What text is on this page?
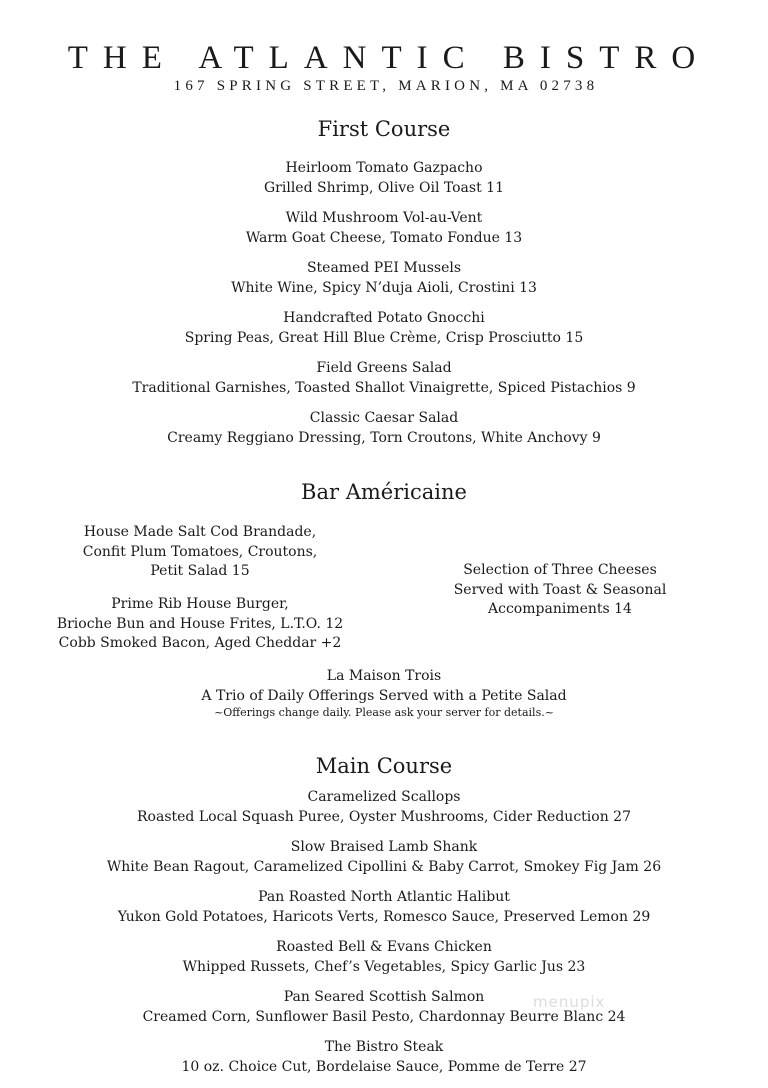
THE ATLANTIC BISTRO
167 SPRING STREET, MARION, MA 02738
First Course
Heirloom Tomato Gazpacho
Grilled Shrimp, Olive Oil Toast 11
Wild Mushroom Vol-au-Vent
Warm Goat Cheese, Tomato Fondue 13
Steamed PEI Mussels
White Wine, Spicy N’duja Aioli, Crostini 13
Handcrafted Potato Gnocchi
Spring Peas, Great Hill Blue Crème, Crisp Prosciutto 15
Field Greens Salad
Traditional Garnishes, Toasted Shallot Vinaigrette, Spiced Pistachios 9
Classic Caesar Salad
Creamy Reggiano Dressing, Torn Croutons, White Anchovy 9
Bar Américaine
House Made Salt Cod Brandade,
Confit Plum Tomatoes, Croutons,
Petit Salad 15
Prime Rib House Burger,
Brioche Bun and House Frites, L.T.O. 12
Cobb Smoked Bacon, Aged Cheddar +2
Selection of Three Cheeses
Served with Toast & Seasonal
Accompaniments 14
La Maison Trois
A Trio of Daily Offerings Served with a Petite Salad
~Offerings change daily. Please ask your server for details.~
Main Course
Caramelized Scallops
Roasted Local Squash Puree, Oyster Mushrooms, Cider Reduction 27
Slow Braised Lamb Shank
White Bean Ragout, Caramelized Cipollini & Baby Carrot, Smokey Fig Jam 26
Pan Roasted North Atlantic Halibut
Yukon Gold Potatoes, Haricots Verts, Romesco Sauce, Preserved Lemon 29
Roasted Bell & Evans Chicken
Whipped Russets, Chef’s Vegetables, Spicy Garlic Jus 23
Pan Seared Scottish Salmon
Creamed Corn, Sunflower Basil Pesto, Chardonnay Beurre Blanc 24
The Bistro Steak
10 oz. Choice Cut, Bordelaise Sauce, Pomme de Terre 27
menupix
